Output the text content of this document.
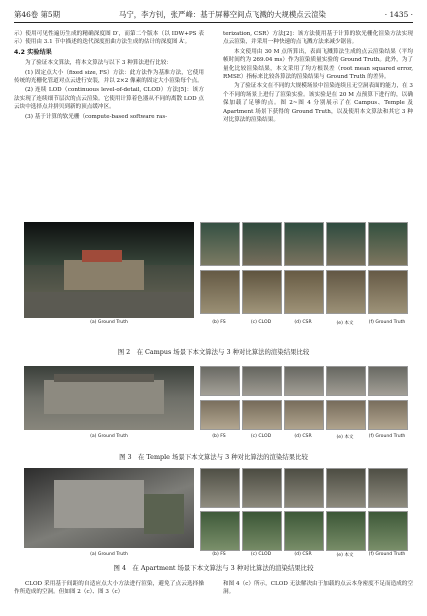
第46卷 第5期	马宁，李方钊，张严峰：基于屏幕空间点飞溅的大规模点云渲染	· 1435 ·

示）使用可见性遍历生成的精确深度图 D′，而第二个版本（以 IDW+PS 表示）使用由 3.1 节中描述的迭代深度扭曲方法生成的估计的深度图 Â′。

4.2 实验结果

为了验证本文算法，将本文算法与以下 3 种算法进行比较：

(1) 固定点大小（fixed size, FS）方法：此方法作为基准方法，它使用传统的光栅化管道对点云进行安装，并以 2×2 像素的固定大小渲染每个点。

(2) 连续 LOD（continuous level-of-detail, CLOD）方法[5]：该方法实现了连续细节层次的点云渲染。它使用计算着色器从不同的离散 LOD 点云块中选择点并拼贝到新的顶点缓冲区。

(3) 基于计算的软光栅（compute-based software ras-

terization, CSR）方法[2]：该方法使用基于计算的软光栅化渲染方法实现点云渲染，并采用一种快速的点飞溅方法来减少锯齿。

本文使用由 30 M 点所算出，表面飞溅算法生成的点云渲染结果（平均帧时间约为 269.04 ms）作为渲染质量实验的 Ground Truth。此外，为了量化比较渲染结果，本文采用了均方根误差（root mean squared error, RMSE）指标来比较各算法的渲染结果与 Ground Truth 的差异。

为了验证本文在不同的大规模场景中渲染连续且无空洞表面的能力，在 3 个不同的场景上进行了渲染实验。该实验是在 20 M 点预算下进行的，以确保加载了足够的点。图 2~图 4 分别展示了在 Campus、Temple 及 Apartment 场景下获得的 Ground Truth，以及使用本文算法和其它 3 种对比算法的渲染结果。

(a) Ground Truth	(b) FS	(c) CLOD	(d) CSR	(e) 本文	(f) Ground Truth
图 2　在 Campus 场景下本文算法与 3 种对比算法的渲染结果比较
(a) Ground Truth	(b) FS	(c) CLOD	(d) CSR	(e) 本文	(f) Ground Truth
图 3　在 Temple 场景下本文算法与 3 种对比算法的渲染结果比较
(a) Ground Truth	(b) FS	(c) CLOD	(d) CSR	(e) 本文	(f) Ground Truth
图 4　在 Apartment 场景下本文算法与 3 种对比算法的渲染结果比较

CLOD 采用基于间距的自适应点大小方法进行渲染，避免了点云选择操作所造成的空洞。但如图 2（c）、图 3（c）

和图 4（c）所示，CLOD 无法解决由于加载的点云本身密度不足而造成的空洞。
